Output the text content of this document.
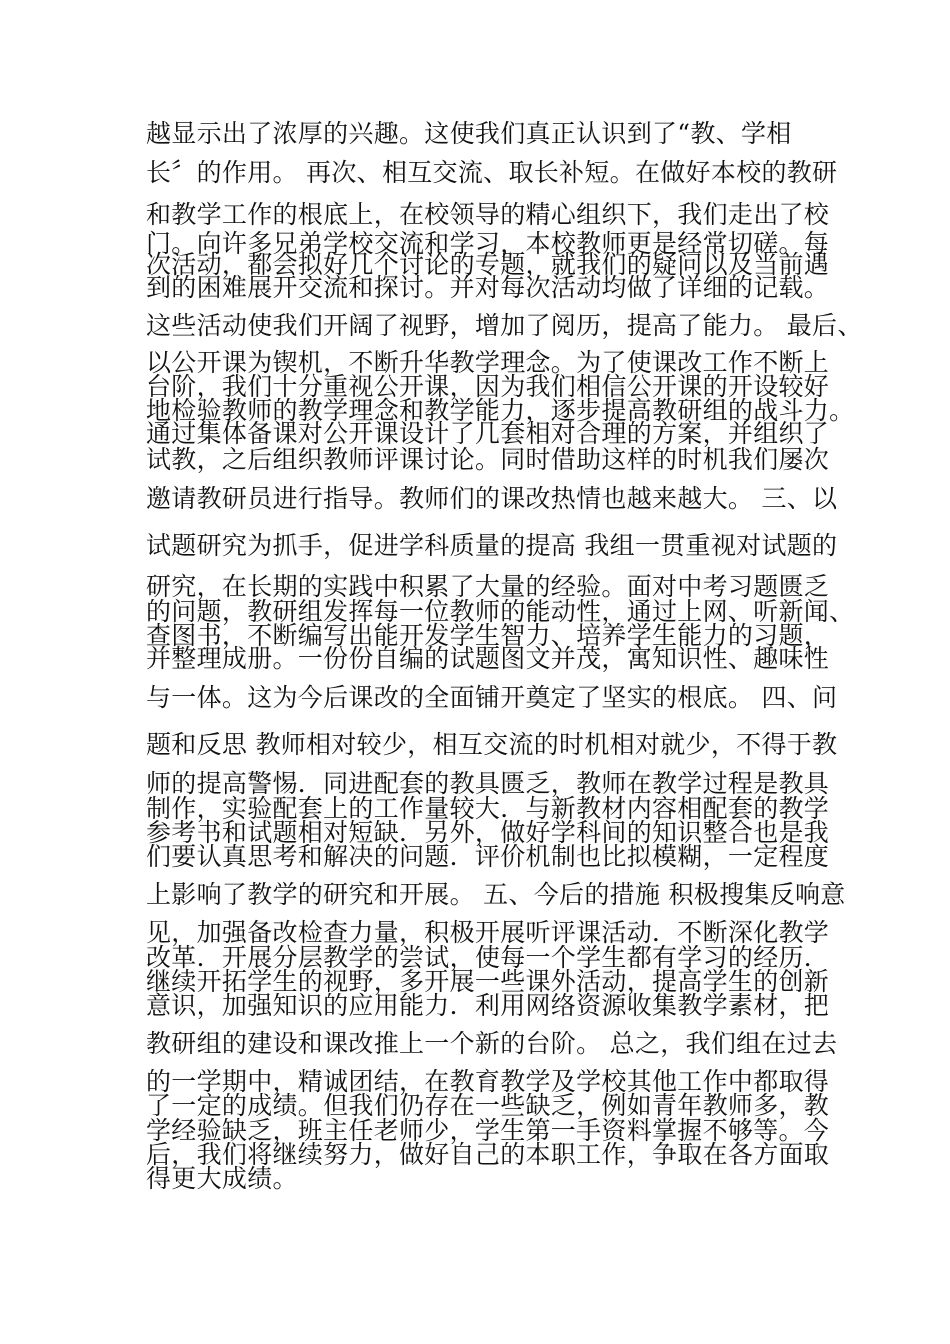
越显示出了浓厚的兴趣。这使我们真正认识到了“教、学相
长〞的作用。 再次、相互交流、取长补短。在做好本校的教研
和教学工作的根底上，在校领导的精心组织下，我们走出了校
门。向许多兄弟学校交流和学习，本校教师更是经常切磋。每
次活动，都会拟好几个讨论的专题，就我们的疑问以及当前遇
到的困难展开交流和探讨。并对每次活动均做了详细的记载。
这些活动使我们开阔了视野，增加了阅历，提高了能力。 最后、
以公开课为锲机，不断升华教学理念。为了使课改工作不断上
台阶，我们十分重视公开课，因为我们相信公开课的开设较好
地检验教师的教学理念和教学能力，逐步提高教研组的战斗力。
通过集体备课对公开课设计了几套相对合理的方案，并组织了
试教，之后组织教师评课讨论。同时借助这样的时机我们屡次
邀请教研员进行指导。教师们的课改热情也越来越大。 三、以
试题研究为抓手，促进学科质量的提高 我组一贯重视对试题的
研究，在长期的实践中积累了大量的经验。面对中考习题匮乏
的问题，教研组发挥每一位教师的能动性，通过上网、听新闻、
查图书，不断编写出能开发学生智力、培养学生能力的习题，
并整理成册。一份份自编的试题图文并茂，寓知识性、趣味性
与一体。这为今后课改的全面铺开奠定了坚实的根底。 四、问
题和反思 教师相对较少，相互交流的时机相对就少，不得于教
师的提高警惕．同进配套的教具匮乏，教师在教学过程是教具
制作，实验配套上的工作量较大．与新教材内容相配套的教学
参考书和试题相对短缺．另外，做好学科间的知识整合也是我
们要认真思考和解决的问题．评价机制也比拟模糊，一定程度
上影响了教学的研究和开展。 五、今后的措施 积极搜集反响意
见，加强备改检查力量，积极开展听评课活动．不断深化教学
改革．开展分层教学的尝试，使每一个学生都有学习的经历．
继续开拓学生的视野，多开展一些课外活动，提高学生的创新
意识，加强知识的应用能力．利用网络资源收集教学素材，把
教研组的建设和课改推上一个新的台阶。 总之，我们组在过去
的一学期中，精诚团结，在教育教学及学校其他工作中都取得
了一定的成绩。但我们仍存在一些缺乏，例如青年教师多，教
学经验缺乏，班主任老师少，学生第一手资料掌握不够等。今
后，我们将继续努力，做好自己的本职工作，争取在各方面取
得更大成绩。
